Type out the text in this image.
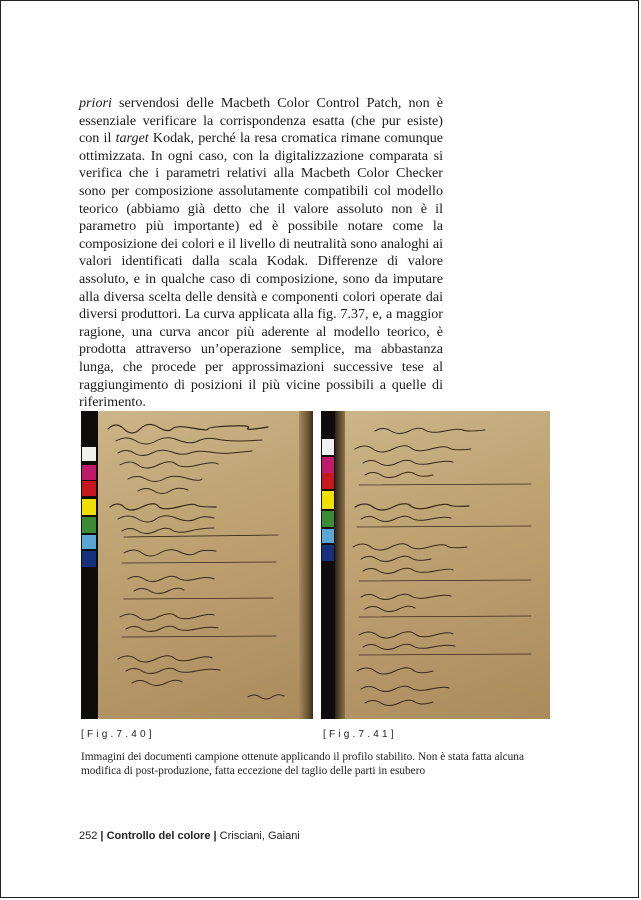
priori servendosi delle Macbeth Color Control Patch, non è essenziale verificare la corrispondenza esatta (che pur esiste) con il target Kodak, perché la resa cromatica rimane comunque ottimizzata. In ogni caso, con la digitalizzazione comparata si verifica che i parametri relativi alla Macbeth Color Checker sono per composizione assolutamente compatibili col modello teorico (abbiamo già detto che il valore assoluto non è il parametro più importante) ed è possibile notare come la composizione dei colori e il livello di neutralità sono analoghi ai valori identificati dalla scala Kodak. Differenze di valore assoluto, e in qualche caso di composizione, sono da imputare alla diversa scelta delle densità e componenti colori operate dai diversi produttori. La curva applicata alla fig. 7.37, e, a maggior ragione, una curva ancor più aderente al modello teorico, è prodotta attraverso un’operazione semplice, ma abbastanza lunga, che procede per approssimazioni successive tese al raggiungimento di posizioni il più vicine possibili a quelle di riferimento.

[Fig.7.40]	[Fig.7.41]

Immagini dei documenti campione ottenute applicando il profilo stabilito. Non è stata fatta alcuna modifica di post-produzione, fatta eccezione del taglio delle parti in esubero

252 | Controllo del colore | Crisciani, Gaiani
